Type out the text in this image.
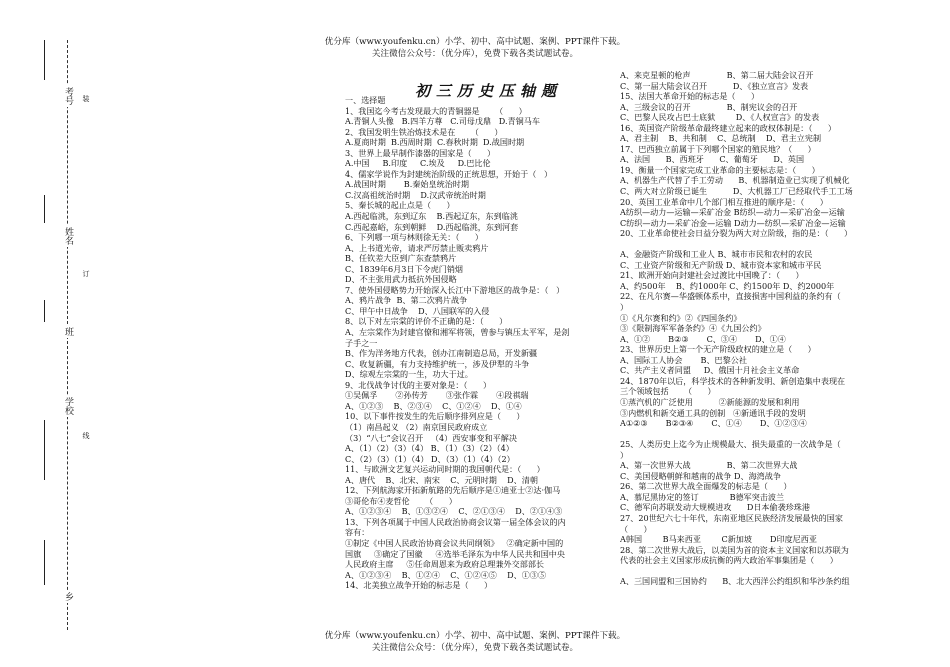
优分库（www.youfenku.cn）小学、初中、高中试题、案例、PPT课件下载。
关注微信公众号：（优分库），免费下载各类试题试卷。
考号
姓名
班
学校
乡
装
订
线
初三历史压轴题
一、选择题
1、我国迄今考古发现最大的青铜器是      （      ）
A.青铜人头像   B.四羊方尊   C.司母戊鼎   D.青铜马车
2、我国发明生铁冶炼技术是在      （      ）
A.夏商时期  B.西周时期  C.春秋时期  D.战国时期
3、世界上最早制作漆器的国家是（      ）
A.中国     B.印度     C.埃及     D.巴比伦
4、儒家学说作为封建统治阶级的正统思想，开始于（   ）
A.战国时期       B.秦始皇统治时期
C.汉高祖统治时期    D.汉武帝统治时期
5、秦长城的起止点是（      ）
A.西起临洮，东到辽东    B.西起辽东，东到临洮
C.西起嘉峪，东到朝鲜    D.西起临洮，东到河套
6、下列哪一项与林则徐无关：（      ）
A、上书道光帝，请求严厉禁止贩卖鸦片
B、任钦差大臣到广东查禁鸦片
C、1839年6月3日下令虎门销烟
D、不主张用武力抵抗外国侵略
7、使外国侵略势力开始深入长江中下游地区的战争是：（   ）
A、鸦片战争  B、第二次鸦片战争
C、甲午中日战争    D、八国联军的入侵
8、以下对左宗棠的评价不正确的是：（      ）
A、左宗棠作为封建官僚和湘军将领，曾参与镇压太平军，是刽
子手之一
B、作为洋务地方代表，创办江南制造总局，开发新疆
C、收复新疆，有力支持维护统一，涉及伊犁的斗争
D、综观左宗棠的一生，功大于过。
9、北伐战争讨伐的主要对象是：（      ）
①吴佩孚       ②孙传芳       ③张作霖       ④段祺瑞
A、①②③    B、②③④    C、①②④    D、①④
10、以下事件按发生的先后顺序排列应是（      ）
（1）南昌起义 （2）南京国民政府成立
（3）“八七”会议召开   （4）西安事变和平解决
A、（1）（2）（3）（4） B、（1）（3）（2）（4）
C、（2）（3）（1）（4） D、（3）（1）（4）（2）
11、与欧洲文艺复兴运动同时期的我国朝代是：（      ）
A、唐代    B、北宋、南宋    C、元明时期    D、清朝
12、下列航海家开拓新航路的先后顺序是①迪亚士②达·伽马
③哥伦布④麦哲伦      （      ）
A、①②③④    B、①③②④    C、②①③④    D、②①④③
13、下列各项属于中国人民政治协商会议第一届全体会议的内
容有：
①制定《中国人民政治协商会议共同纲领》   ②确定新中国的
国旗     ③确定了国徽     ④选举毛泽东为中华人民共和国中央
人民政府主席     ⑤任命周恩来为政府总理兼外交部部长
A、①②③④    B、①②④    C、①②④⑤    D、①③⑤
14、北美独立战争开始的标志是（      ）
A、来克星顿的枪声              B、第二届大陆会议召开
C、第一届大陆会议召开          D、《独立宣言》发表
15、法国大革命开始的标志是（      ）
A、三级会议的召开              B、制宪议会的召开
C、巴黎人民攻占巴士底狱        D、《人权宣言》的发表
16、英国资产阶级革命最终建立起来的政权体制是：（      ）
A、君主制    B、共和制    C、总统制    D、君主立宪制
17、巴西独立前属于下列哪个国家的殖民地？（      ）
A、法国      B、西班牙      C、葡萄牙      D、英国
19、衡量一个国家完成工业革命的主要标志是：（      ）
A、机器生产代替了手工劳动      B、机器制造业已实现了机械化
C、两大对立阶级已诞生          D、大机器工厂已经取代手工工场
20、英国工业革命中几个部门相互推进的顺序是：（      ）
A纺织—动力—运输—采矿冶金 B纺织—动力—采矿冶金—运输
C纺织—动力—采矿冶金—运输 D动力—纺织—采矿冶金—运输
20、工业革命使社会日益分裂为两大对立阶级，指的是：（      ）
A、金融资产阶级和工业人 B、城市市民和农村的农民
C、工业资产阶级和无产阶级 D、城市资本家和城市平民
21、欧洲开始向封建社会过渡比中国晚了：（      ）
A、约500年    B、约1000年 C、约1500年 D、约2000年
22、在凡尔赛—华盛顿体系中，直接损害中国利益的条约有（
）
①《凡尔赛和约》②《四国条约》
③《限制海军军备条约》④《九国公约》
A、①②       B②③       C、③④       D、①④
23、世界历史上第一个无产阶级政权的建立是（      ）
A、国际工人协会       B、巴黎公社
C、共产主义者同盟     D、俄国十月社会主义革命
24、1870年以后，科学技术的各种新发明、新创造集中表现在
三个领域包括      （      ）
①蒸汽机的广泛使用          ②新能源的发展和利用
③内燃机和新交通工具的创制   ④新通讯手段的发明
A①②③       B②③④       C、①④       D、①②③④
25、人类历史上迄今为止规模最大、损失最重的一次战争是（
）
A、第一次世界大战              B、第二次世界大战
C、美国侵略朝鲜和越南的战争 D、海湾战争
26、第二次世界大战全面爆发的标志是（      ）
A、慕尼黑协定的签订            B德军突击波兰
C、德军向苏联发动大规模进攻      D日本偷袭珍珠港
27、20世纪六七十年代，东南亚地区民族经济发展最快的国家
（      ）
A韩国        B马来西亚        C新加坡       D印度尼西亚
28、第二次世界大战后，以美国为首的资本主义国家和以苏联为
代表的社会主义国家形成抗衡的两大政治军事集团是（      ）
A、三国同盟和三国协约      B、北大西洋公约组织和华沙条约组
优分库（www.youfenku.cn）小学、初中、高中试题、案例、PPT课件下载。
关注微信公众号：（优分库），免费下载各类试题试卷。
